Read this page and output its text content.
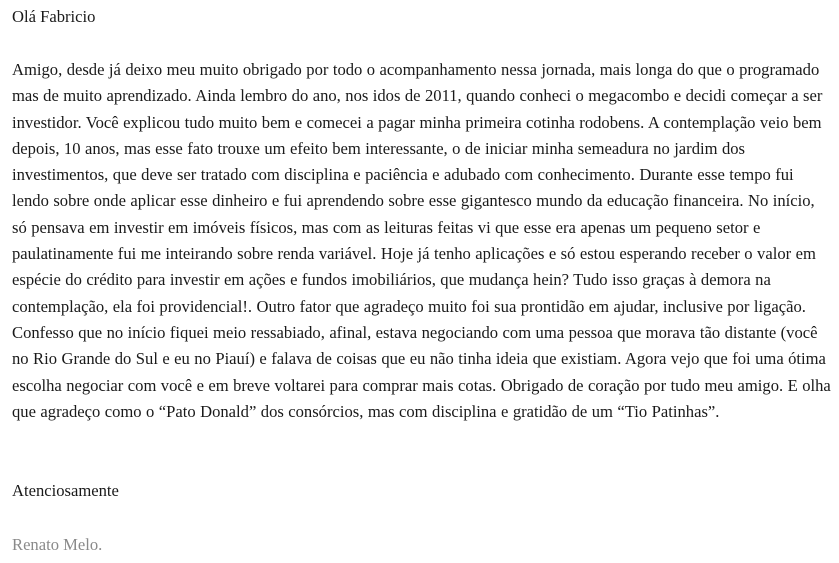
Olá Fabricio

Amigo, desde já deixo meu muito obrigado por todo o acompanhamento nessa jornada, mais longa do que o programado mas de muito aprendizado. Ainda lembro do ano, nos idos de 2011, quando conheci o megacombo e decidi começar a ser investidor. Você explicou tudo muito bem e comecei a pagar minha primeira cotinha rodobens. A contemplação veio bem depois, 10 anos, mas esse fato trouxe um efeito bem interessante, o de iniciar minha semeadura no jardim dos investimentos, que deve ser tratado com disciplina e paciência e adubado com conhecimento. Durante esse tempo fui lendo sobre onde aplicar esse dinheiro e fui aprendendo sobre esse gigantesco mundo da educação financeira. No início, só pensava em investir em imóveis físicos, mas com as leituras feitas vi que esse era apenas um pequeno setor e paulatinamente fui me inteirando sobre renda variável. Hoje já tenho aplicações e só estou esperando receber o valor em espécie do crédito para investir em ações e fundos imobiliários, que mudança hein? Tudo isso graças à demora na contemplação, ela foi providencial!. Outro fator que agradeço muito foi sua prontidão em ajudar, inclusive por ligação. Confesso que no início fiquei meio ressabiado, afinal, estava negociando com uma pessoa que morava tão distante (você no Rio Grande do Sul e eu no Piauí) e falava de coisas que eu não tinha ideia que existiam. Agora vejo que foi uma ótima escolha negociar com você e em breve voltarei para comprar mais cotas. Obrigado de coração por tudo meu amigo. E olha que agradeço como o “Pato Donald” dos consórcios, mas com disciplina e gratidão de um “Tio Patinhas”.

Atenciosamente

Renato Melo.
